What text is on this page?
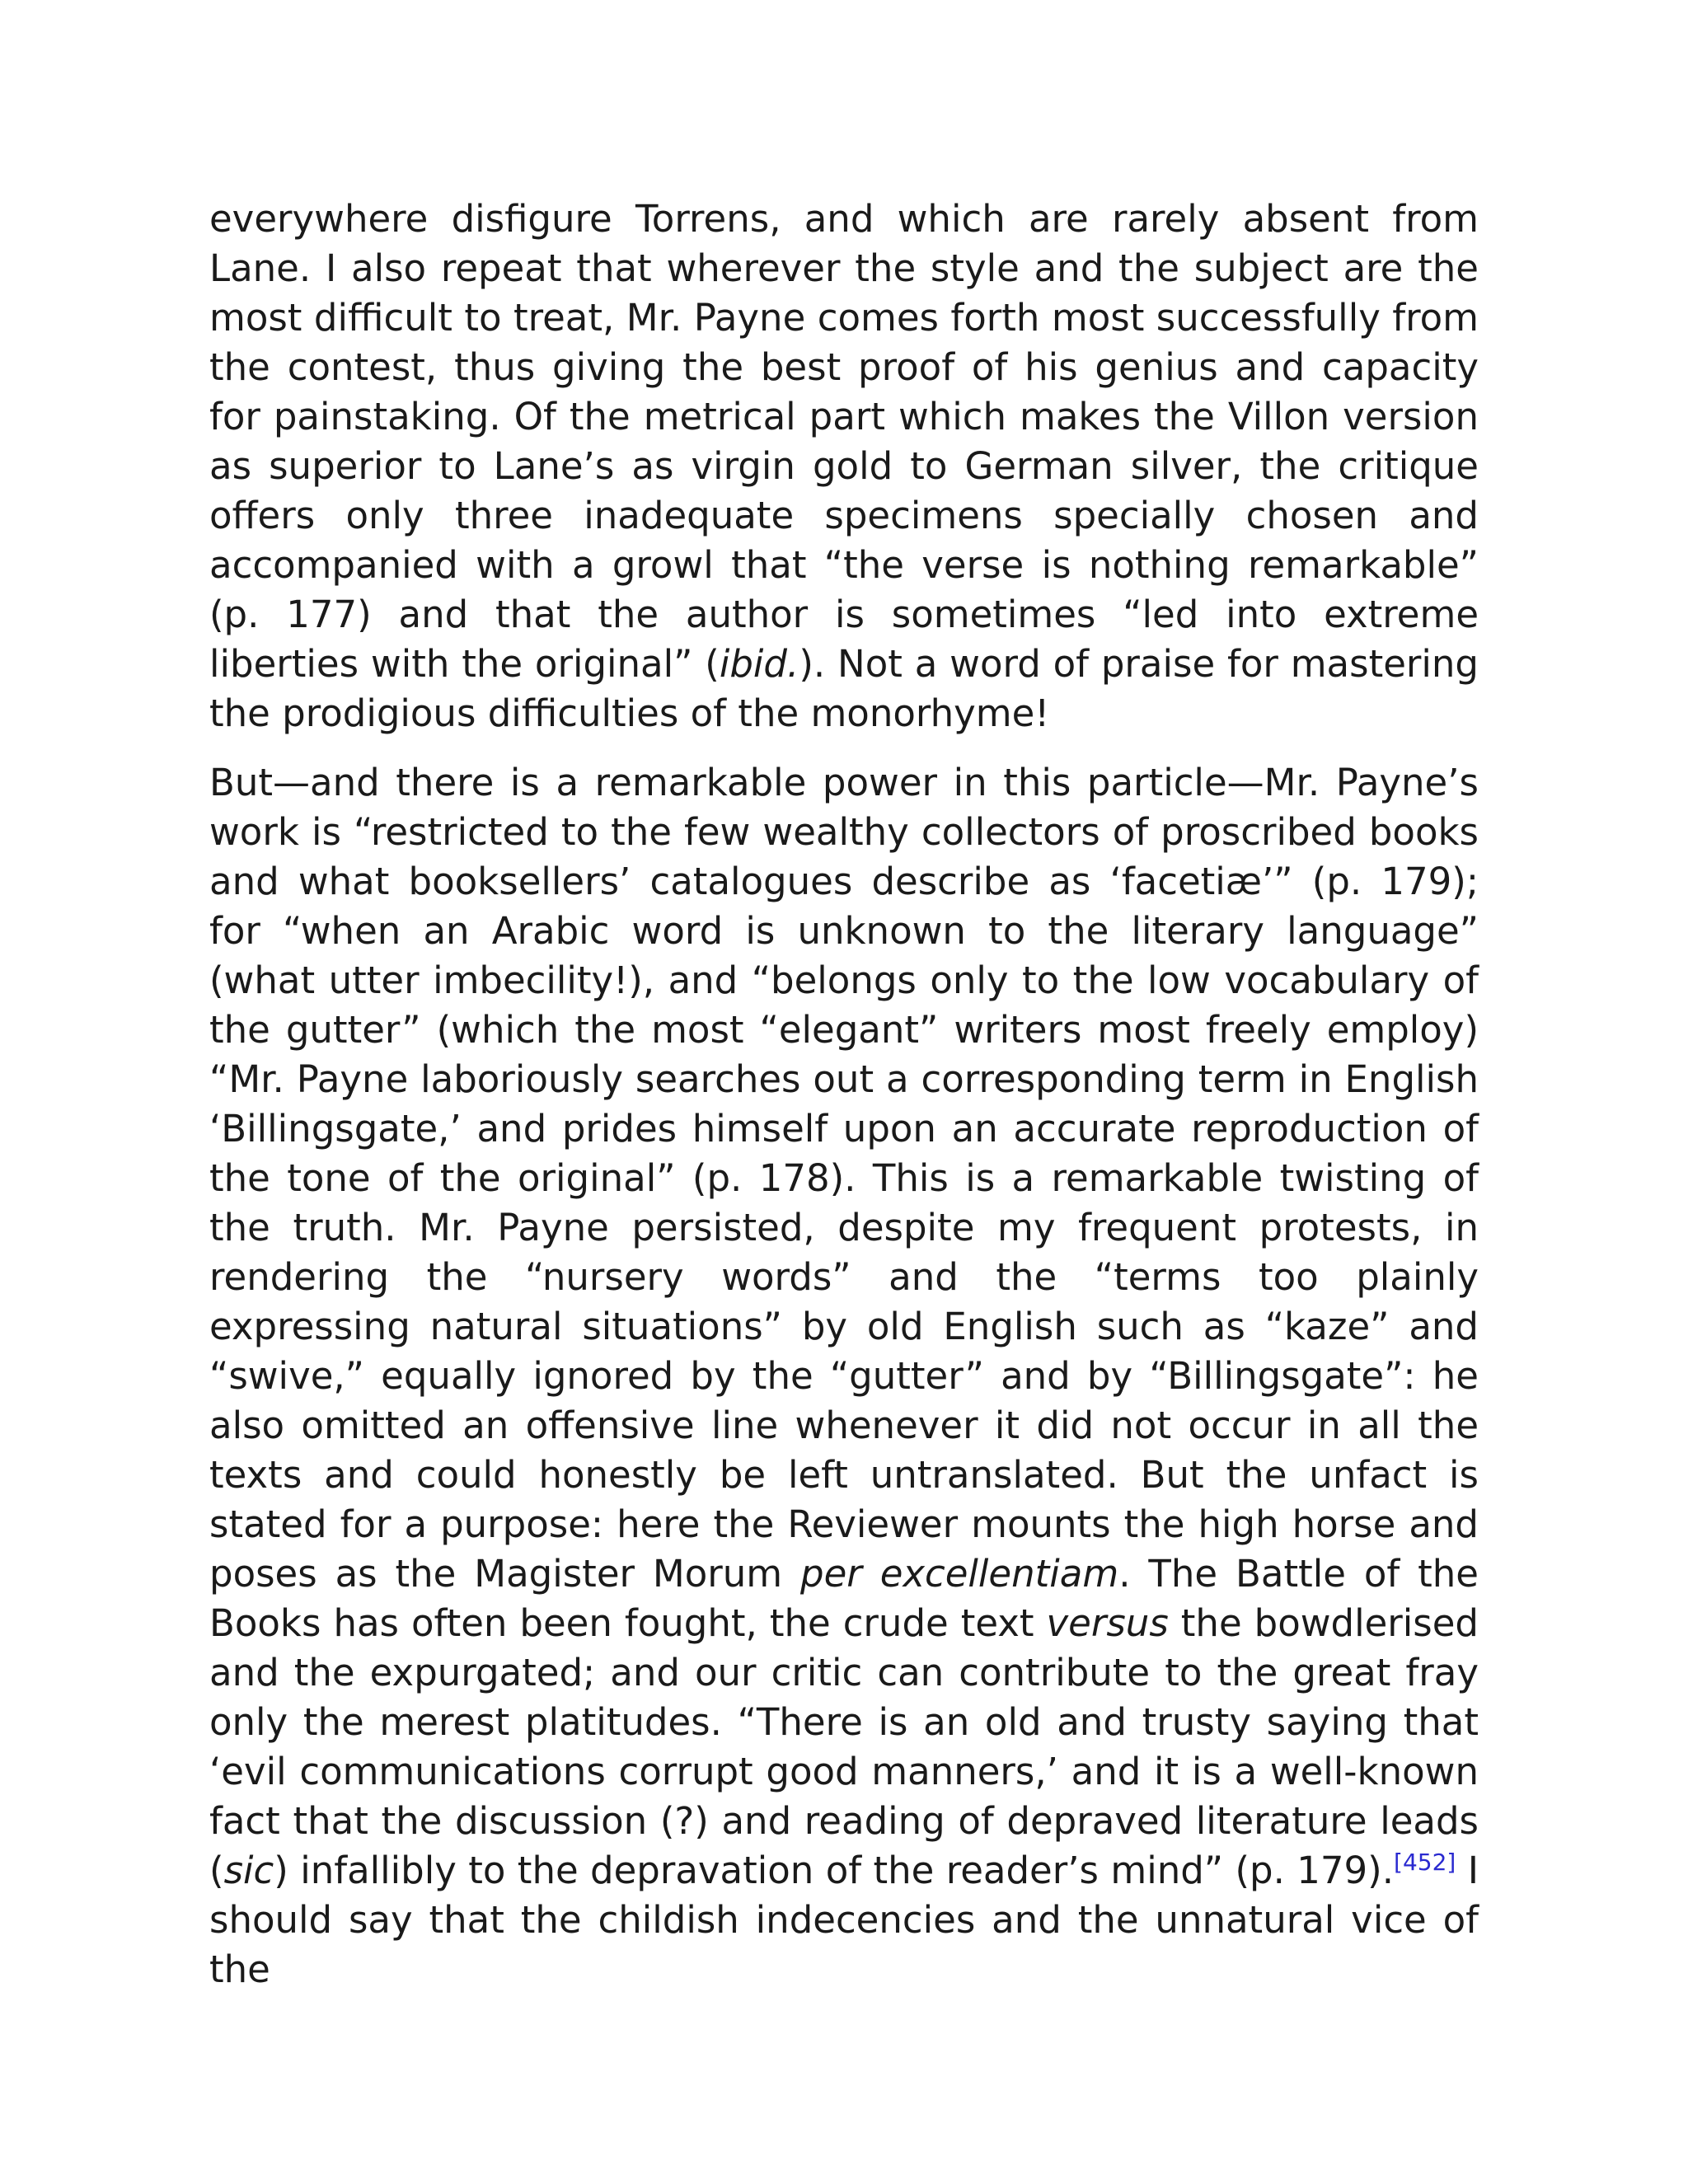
everywhere disfigure Torrens, and which are rarely absent from Lane. I also repeat that wherever the style and the subject are the most difficult to treat, Mr. Payne comes forth most successfully from the contest, thus giving the best proof of his genius and capacity for painstaking. Of the metrical part which makes the Villon version as superior to Lane’s as virgin gold to German silver, the critique offers only three inadequate specimens specially chosen and accompanied with a growl that “the verse is nothing remarkable” (p. 177) and that the author is sometimes “led into extreme liberties with the original” (ibid.). Not a word of praise for mastering the prodigious difficulties of the monorhyme!

But—and there is a remarkable power in this particle—Mr. Payne’s work is “restricted to the few wealthy collectors of proscribed books and what booksellers’ catalogues describe as ‘facetiæ’” (p. 179); for “when an Arabic word is unknown to the literary language” (what utter imbecility!), and “belongs only to the low vocabulary of the gutter” (which the most “elegant” writers most freely employ) “Mr. Payne laboriously searches out a corresponding term in English ‘Billingsgate,’ and prides himself upon an accurate reproduction of the tone of the original” (p. 178). This is a remarkable twisting of the truth. Mr. Payne persisted, despite my frequent protests, in rendering the “nursery words” and the “terms too plainly expressing natural situations” by old English such as “kaze” and “swive,” equally ignored by the “gutter” and by “Billingsgate”: he also omitted an offensive line whenever it did not occur in all the texts and could honestly be left untranslated. But the unfact is stated for a purpose: here the Reviewer mounts the high horse and poses as the Magister Morum per excellentiam. The Battle of the Books has often been fought, the crude text versus the bowdlerised and the expurgated; and our critic can contribute to the great fray only the merest platitudes. “There is an old and trusty saying that ‘evil communications corrupt good manners,’ and it is a well-known fact that the discussion (?) and reading of depraved literature leads (sic) infallibly to the depravation of the reader’s mind” (p. 179).[452] I should say that the childish indecencies and the unnatural vice of the
